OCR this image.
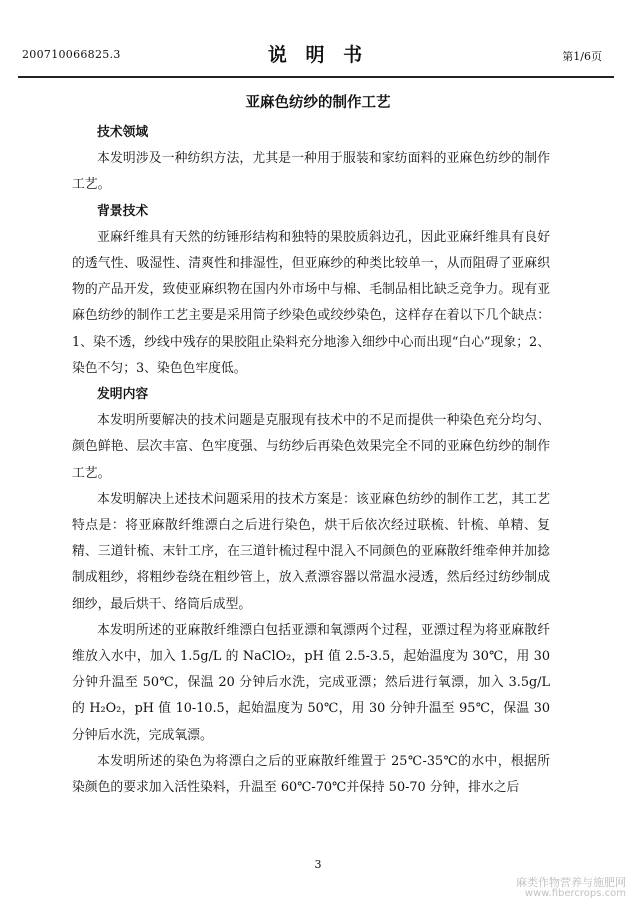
200710066825.3	说 明 书	第1/6页
亚麻色纺纱的制作工艺
技术领域
本发明涉及一种纺织方法，尤其是一种用于服装和家纺面料的亚麻色纺纱的制作工艺。
背景技术
亚麻纤维具有天然的纺锤形结构和独特的果胶质斜边孔，因此亚麻纤维具有良好的透气性、吸湿性、清爽性和排湿性，但亚麻纱的种类比较单一，从而阻碍了亚麻织物的产品开发，致使亚麻织物在国内外市场中与棉、毛制品相比缺乏竞争力。现有亚麻色纺纱的制作工艺主要是采用筒子纱染色或绞纱染色，这样存在着以下几个缺点：1、染不透，纱线中残存的果胶阻止染料充分地渗入细纱中心而出现“白心”现象；2、染色不匀；3、染色色牢度低。
发明内容
本发明所要解决的技术问题是克服现有技术中的不足而提供一种染色充分均匀、颜色鲜艳、层次丰富、色牢度强、与纺纱后再染色效果完全不同的亚麻色纺纱的制作工艺。
本发明解决上述技术问题采用的技术方案是：该亚麻色纺纱的制作工艺，其工艺特点是：将亚麻散纤维漂白之后进行染色，烘干后依次经过联梳、针梳、单精、复精、三道针梳、末针工序，在三道针梳过程中混入不同颜色的亚麻散纤维牵伸并加捻制成粗纱，将粗纱卷绕在粗纱管上，放入煮漂容器以常温水浸透，然后经过纺纱制成细纱，最后烘干、络筒后成型。
本发明所述的亚麻散纤维漂白包括亚漂和氧漂两个过程，亚漂过程为将亚麻散纤维放入水中，加入 1.5g/L 的 NaClO₂，pH 值 2.5-3.5，起始温度为 30℃，用 30 分钟升温至 50℃，保温 20 分钟后水洗，完成亚漂；然后进行氧漂，加入 3.5g/L 的 H₂O₂，pH 值 10-10.5，起始温度为 50℃，用 30 分钟升温至 95℃，保温 30 分钟后水洗，完成氧漂。
本发明所述的染色为将漂白之后的亚麻散纤维置于 25℃-35℃的水中，根据所染颜色的要求加入活性染料，升温至 60℃-70℃并保持 50-70 分钟，排水之后
3
麻类作物营养与施肥网
www.fibercrops.com
